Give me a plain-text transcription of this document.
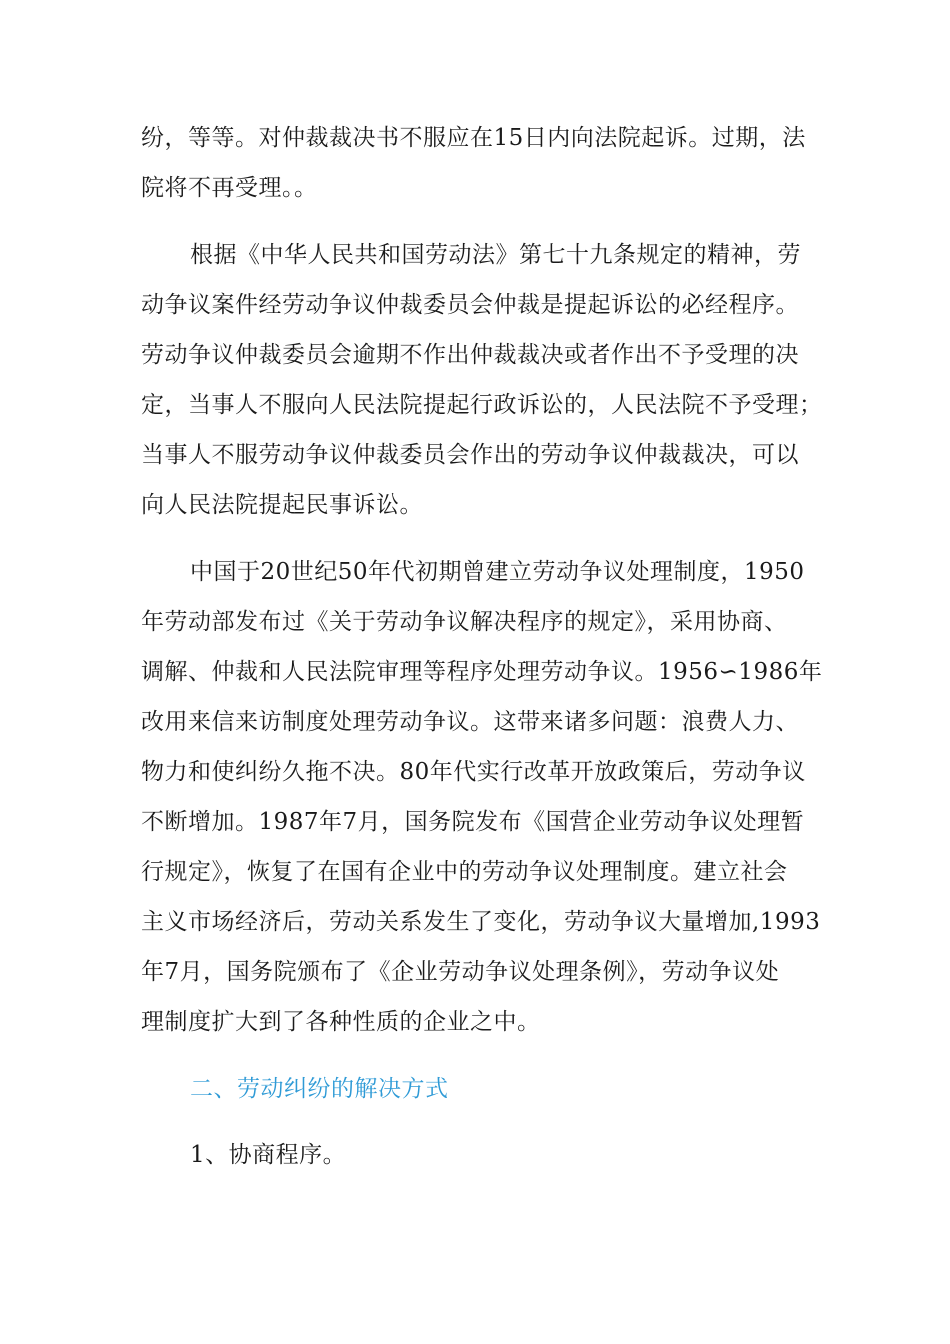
纷，等等。对仲裁裁决书不服应在15日内向法院起诉。过期，法
院将不再受理。。
根据《中华人民共和国劳动法》第七十九条规定的精神，劳
动争议案件经劳动争议仲裁委员会仲裁是提起诉讼的必经程序。
劳动争议仲裁委员会逾期不作出仲裁裁决或者作出不予受理的决
定，当事人不服向人民法院提起行政诉讼的，人民法院不予受理；
当事人不服劳动争议仲裁委员会作出的劳动争议仲裁裁决，可以
向人民法院提起民事诉讼。
中国于20世纪50年代初期曾建立劳动争议处理制度，1950
年劳动部发布过《关于劳动争议解决程序的规定》，采用协商、
调解、仲裁和人民法院审理等程序处理劳动争议。1956∽1986年
改用来信来访制度处理劳动争议。这带来诸多问题：浪费人力、
物力和使纠纷久拖不决。80年代实行改革开放政策后，劳动争议
不断增加。1987年7月，国务院发布《国营企业劳动争议处理暂
行规定》，恢复了在国有企业中的劳动争议处理制度。建立社会
主义市场经济后，劳动关系发生了变化，劳动争议大量增加,1993
年7月，国务院颁布了《企业劳动争议处理条例》，劳动争议处
理制度扩大到了各种性质的企业之中。
二、劳动纠纷的解决方式
1、协商程序。
